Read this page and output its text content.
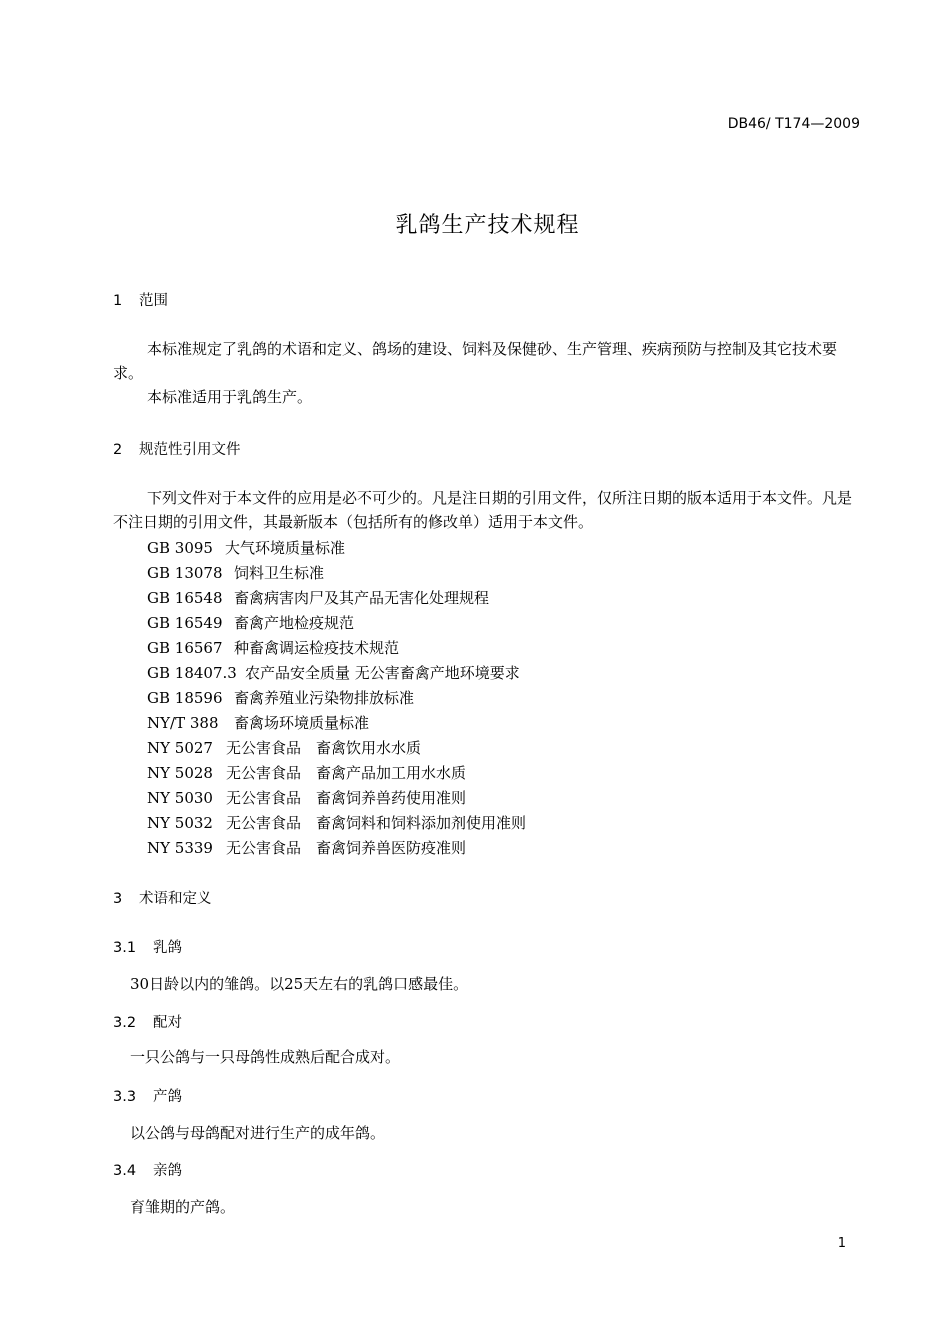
DB46/ T174—2009
乳鸽生产技术规程
1 范围
本标准规定了乳鸽的术语和定义、鸽场的建设、饲料及保健砂、生产管理、疾病预防与控制及其它技术要求。
本标准适用于乳鸽生产。
2 规范性引用文件
下列文件对于本文件的应用是必不可少的。凡是注日期的引用文件，仅所注日期的版本适用于本文件。凡是不注日期的引用文件，其最新版本（包括所有的修改单）适用于本文件。
GB 3095 大气环境质量标准
GB 13078 饲料卫生标准
GB 16548 畜禽病害肉尸及其产品无害化处理规程
GB 16549 畜禽产地检疫规范
GB 16567 种畜禽调运检疫技术规范
GB 18407.3 农产品安全质量 无公害畜禽产地环境要求
GB 18596 畜禽养殖业污染物排放标准
NY/T 388 畜禽场环境质量标准
NY 5027 无公害食品　畜禽饮用水水质
NY 5028 无公害食品　畜禽产品加工用水水质
NY 5030 无公害食品　畜禽饲养兽药使用准则
NY 5032 无公害食品　畜禽饲料和饲料添加剂使用准则
NY 5339 无公害食品　畜禽饲养兽医防疫准则
3 术语和定义
3.1 乳鸽
30日龄以内的雏鸽。以25天左右的乳鸽口感最佳。
3.2 配对
一只公鸽与一只母鸽性成熟后配合成对。
3.3 产鸽
以公鸽与母鸽配对进行生产的成年鸽。
3.4 亲鸽
育雏期的产鸽。
1
